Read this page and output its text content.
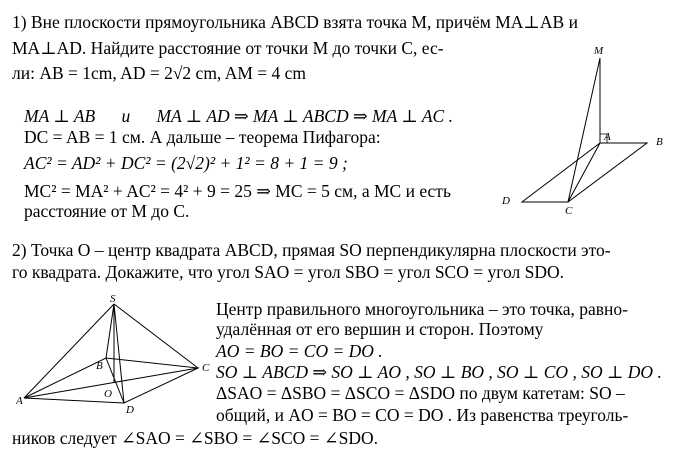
1) Вне плоскости прямоугольника ABCD взята точка M, причём MA⊥AB и
MA⊥AD. Найдите расстояние от точки M до точки C, ес-
ли: AB = 1cm, AD = 2√2 cm, AM = 4 cm
MA ⊥ AB      и      MA ⊥ AD ⇒ MA ⊥ ABCD ⇒ MA ⊥ AC .
DC = AB = 1 см. А дальше – теорема Пифагора:
AC² = AD² + DC² = (2√2)² + 1² = 8 + 1 = 9 ;
MC² = MA² + AC² = 4² + 9 = 25 ⇒ MC = 5 см, а MC и есть
расстояние от M до C.
M
A	B
C
D
2) Точка O – центр квадрата ABCD, прямая SO перпендикулярна плоскости это-
го квадрата. Докажите, что угол SAO = угол SBO = угол SCO = угол SDO.
S
A
B	C
D
O
Центр правильного многоугольника – это точка, равно-
удалённая от его вершин и сторон. Поэтому
AO = BO = CO = DO .
SO ⊥ ABCD ⇒ SO ⊥ AO , SO ⊥ BO , SO ⊥ CO , SO ⊥ DO .
ΔSAO = ΔSBO = ΔSCO = ΔSDO по двум катетам: SO –
общий, и AO = BO = CO = DO . Из равенства треуголь-
ников следует ∠SAO = ∠SBO = ∠SCO = ∠SDO.
